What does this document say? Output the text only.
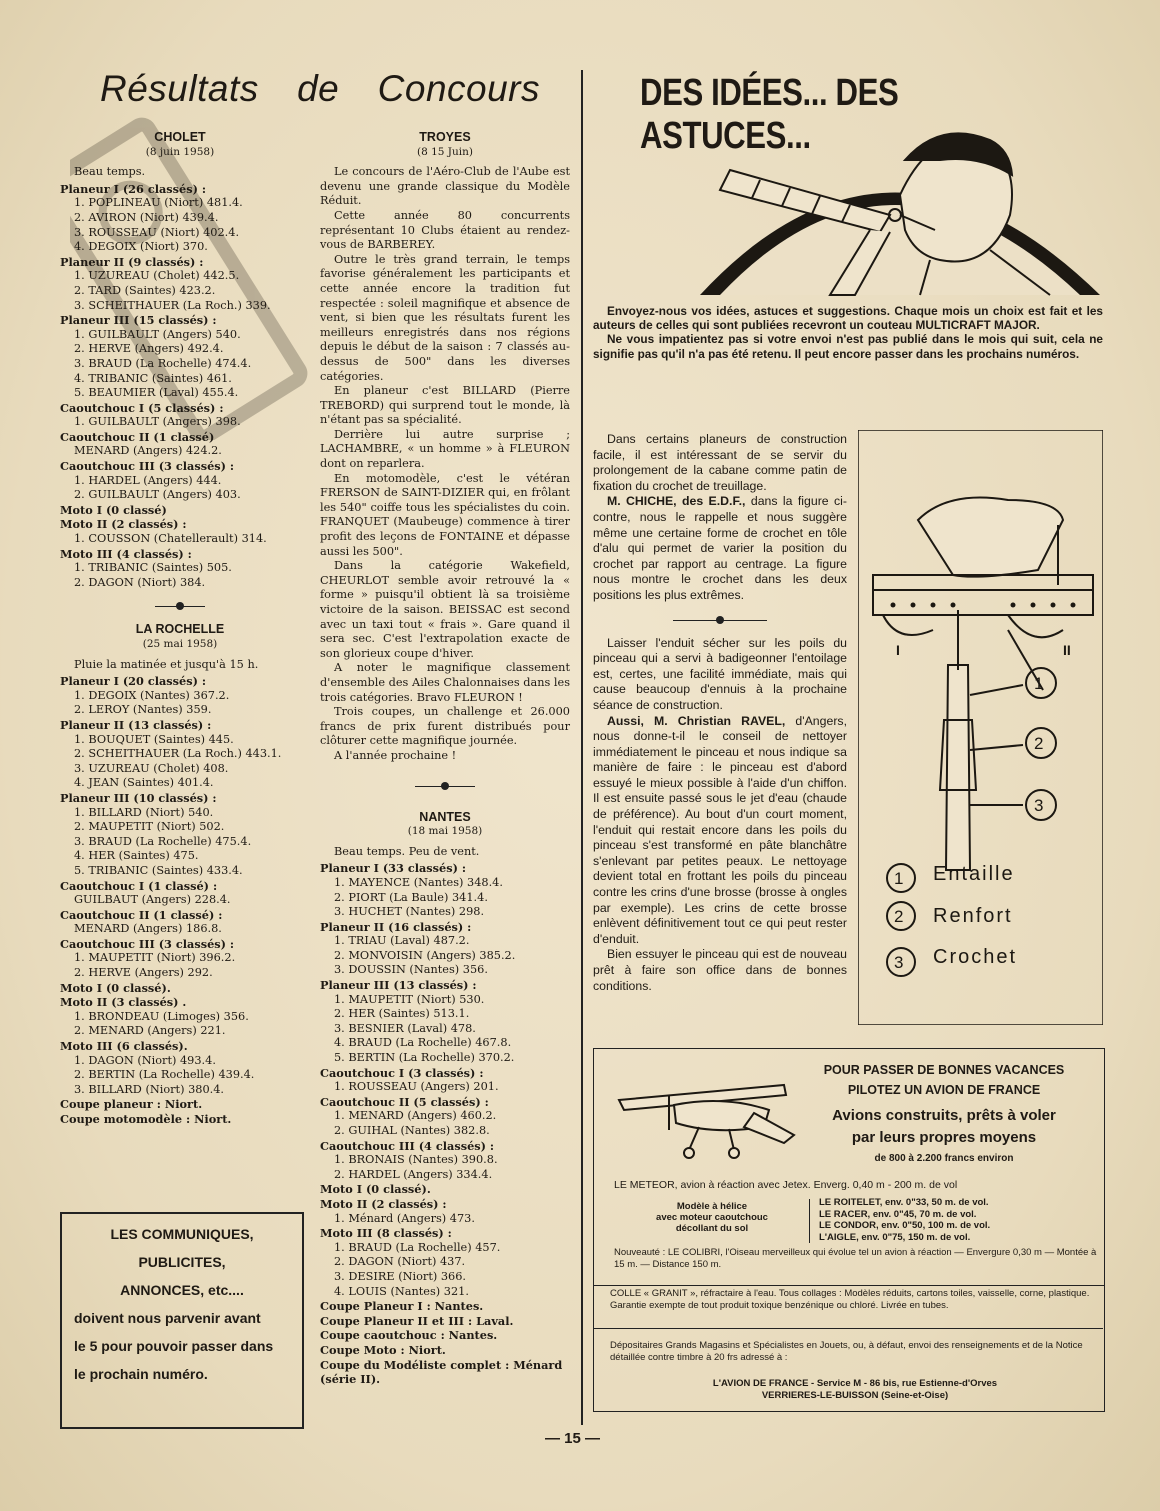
Résultats de Concours
CHOLET
(8 juin 1958)
Beau temps.
Planeur I (26 classés) :
1. POPLINEAU (Niort) 481.4.
2. AVIRON (Niort) 439.4.
3. ROUSSEAU (Niort) 402.4.
4. DEGOIX (Niort) 370.
Planeur II (9 classés) :
1. UZUREAU (Cholet) 442.5.
2. TARD (Saintes) 423.2.
3. SCHEITHAUER (La Roch.) 339.
Planeur III (15 classés) :
1. GUILBAULT (Angers) 540.
2. HERVE (Angers) 492.4.
3. BRAUD (La Rochelle) 474.4.
4. TRIBANIC (Saintes) 461.
5. BEAUMIER (Laval) 455.4.
Caoutchouc I (5 classés) :
1. GUILBAULT (Angers) 398.
Caoutchouc II (1 classé)
MENARD (Angers) 424.2.
Caoutchouc III (3 classés) :
1. HARDEL (Angers) 444.
2. GUILBAULT (Angers) 403.
Moto I (0 classé)
Moto II (2 classés) :
1. COUSSON (Chatellerault) 314.
Moto III (4 classés) :
1. TRIBANIC (Saintes) 505.
2. DAGON (Niort) 384.
LA ROCHELLE
(25 mai 1958)
Pluie la matinée et jusqu'à 15 h.
Planeur I (20 classés) :
1. DEGOIX (Nantes) 367.2.
2. LEROY (Nantes) 359.
Planeur II (13 classés) :
1. BOUQUET (Saintes) 445.
2. SCHEITHAUER (La Roch.) 443.1.
3. UZUREAU (Cholet) 408.
4. JEAN (Saintes) 401.4.
Planeur III (10 classés) :
1. BILLARD (Niort) 540.
2. MAUPETIT (Niort) 502.
3. BRAUD (La Rochelle) 475.4.
4. HER (Saintes) 475.
5. TRIBANIC (Saintes) 433.4.
Caoutchouc I (1 classé) :
GUILBAUT (Angers) 228.4.
Caoutchouc II (1 classé) :
MENARD (Angers) 186.8.
Caoutchouc III (3 classés) :
1. MAUPETIT (Niort) 396.2.
2. HERVE (Angers) 292.
Moto I (0 classé).
Moto II (3 classés) .
1. BRONDEAU (Limoges) 356.
2. MENARD (Angers) 221.
Moto III (6 classés).
1. DAGON (Niort) 493.4.
2. BERTIN (La Rochelle) 439.4.
3. BILLARD (Niort) 380.4.
Coupe planeur : Niort.
Coupe motomodèle : Niort.
LES COMMUNIQUES,
PUBLICITES,
ANNONCES, etc....
doivent nous parvenir avant
le 5 pour pouvoir passer dans
le prochain numéro.
TROYES
(8 15 Juin)

Le concours de l'Aéro-Club de l'Aube est devenu une grande classique du Modèle Réduit.

Cette année 80 concurrents représentant 10 Clubs étaient au rendez-vous de BARBEREY.

Outre le très grand terrain, le temps favorise généralement les participants et cette année encore la tradition fut respectée : soleil magnifique et absence de vent, si bien que les résultats furent les meilleurs enregistrés dans nos régions depuis le début de la saison : 7 classés au-dessus de 500" dans les diverses catégories.

En planeur c'est BILLARD (Pierre TREBORD) qui surprend tout le monde, là n'étant pas sa spécialité.

Derrière lui autre surprise ; LACHAMBRE, « un homme » à FLEURON dont on reparlera.

En motomodèle, c'est le vétéran FRERSON de SAINT-DIZIER qui, en frôlant les 540" coiffe tous les spécialistes du coin. FRANQUET (Maubeuge) commence à tirer profit des leçons de FONTAINE et dépasse aussi les 500".

Dans la catégorie Wakefield, CHEURLOT semble avoir retrouvé la « forme » puisqu'il obtient là sa troisième victoire de la saison. BEISSAC est second avec un taxi tout « frais ». Gare quand il sera sec. C'est l'extrapolation exacte de son glorieux coupe d'hiver.

A noter le magnifique classement d'ensemble des Ailes Chalonnaises dans les trois catégories. Bravo FLEURON !

Trois coupes, un challenge et 26.000 francs de prix furent distribués pour clôturer cette magnifique journée.

A l'année prochaine !

NANTES
(18 mai 1958)
Beau temps. Peu de vent.
Planeur I (33 classés) :
1. MAYENCE (Nantes) 348.4.
2. PIORT (La Baule) 341.4.
3. HUCHET (Nantes) 298.
Planeur II (16 classés) :
1. TRIAU (Laval) 487.2.
2. MONVOISIN (Angers) 385.2.
3. DOUSSIN (Nantes) 356.
Planeur III (13 classés) :
1. MAUPETIT (Niort) 530.
2. HER (Saintes) 513.1.
3. BESNIER (Laval) 478.
4. BRAUD (La Rochelle) 467.8.
5. BERTIN (La Rochelle) 370.2.
Caoutchouc I (3 classés) :
1. ROUSSEAU (Angers) 201.
Caoutchouc II (5 classés) :
1. MENARD (Angers) 460.2.
2. GUIHAL (Nantes) 382.8.
Caoutchouc III (4 classés) :
1. BRONAIS (Nantes) 390.8.
2. HARDEL (Angers) 334.4.
Moto I (0 classé).
Moto II (2 classés) :
1. Ménard (Angers) 473.
Moto III (8 classés) :
1. BRAUD (La Rochelle) 457.
2. DAGON (Niort) 437.
3. DESIRE (Niort) 366.
4. LOUIS (Nantes) 321.
Coupe Planeur I : Nantes.
Coupe Planeur II et III : Laval.
Coupe caoutchouc : Nantes.
Coupe Moto : Niort.
Coupe du Modéliste complet : Ménard (série II).
DES IDÉES... DES ASTUCES...

Envoyez-nous vos idées, astuces et suggestions. Chaque mois un choix est fait et les auteurs de celles qui sont publiées recevront un couteau MULTICRAFT MAJOR.

Ne vous impatientez pas si votre envoi n'est pas publié dans le mois qui suit, cela ne signifie pas qu'il n'a pas été retenu. Il peut encore passer dans les prochains numéros.

Dans certains planeurs de construction facile, il est intéressant de se servir du prolongement de la cabane comme patin de fixation du crochet de treuillage.

M. CHICHE, des E.D.F., dans la figure ci-contre, nous le rappelle et nous suggère même une certaine forme de crochet en tôle d'alu qui permet de varier la position du crochet par rapport au centrage. La figure nous montre le crochet dans les deux positions les plus extrêmes.

Laisser l'enduit sécher sur les poils du pinceau qui a servi à badigeonner l'entoilage est, certes, une facilité immédiate, mais qui cause beaucoup d'ennuis à la prochaine séance de construction.

Aussi, M. Christian RAVEL, d'Angers, nous donne-t-il le conseil de nettoyer immédiatement le pinceau et nous indique sa manière de faire : le pinceau est d'abord essuyé le mieux possible à l'aide d'un chiffon. Il est ensuite passé sous le jet d'eau (chaude de préférence). Au bout d'un court moment, l'enduit qui restait encore dans les poils du pinceau s'est transformé en pâte blanchâtre s'enlevant par petites peaux. Le nettoyage devient total en frottant les poils du pinceau contre les crins d'une brosse (brosse à ongles par exemple). Les crins de cette brosse enlèvent définitivement tout ce qui peut rester d'enduit.

Bien essuyer le pinceau qui est de nouveau prêt à faire son office dans de bonnes conditions.

I	II
1
2
3
1
2
3
Entaille
Renfort
Crochet
POUR PASSER DE BONNES VACANCES
PILOTEZ UN AVION DE FRANCE
Avions construits, prêts à voler
par leurs propres moyens
de 800 à 2.200 francs environ
LE METEOR, avion à réaction avec Jetex. Enverg. 0,40 m - 200 m. de vol
Modèle à hélice
avec moteur caoutchouc
décollant du sol
LE ROITELET, env. 0"33, 50 m. de vol.
LE RACER, env. 0"45, 70 m. de vol.
LE CONDOR, env. 0"50, 100 m. de vol.
L'AIGLE, env. 0"75, 150 m. de vol.
Nouveauté : LE COLIBRI, l'Oiseau merveilleux qui évolue tel un avion à réaction — Envergure 0,30 m — Montée à 15 m. — Distance 150 m.
COLLE « GRANIT », réfractaire à l'eau. Tous collages : Modèles réduits, cartons toiles, vaisselle, corne, plastique. Garantie exempte de tout produit toxique benzénique ou chloré. Livrée en tubes.
Dépositaires Grands Magasins et Spécialistes en Jouets, ou, à défaut, envoi des renseignements et de la Notice détaillée contre timbre à 20 frs adressé à :
L'AVION DE FRANCE - Service M - 86 bis, rue Estienne-d'Orves
VERRIERES-LE-BUISSON (Seine-et-Oise)
— 15 —
